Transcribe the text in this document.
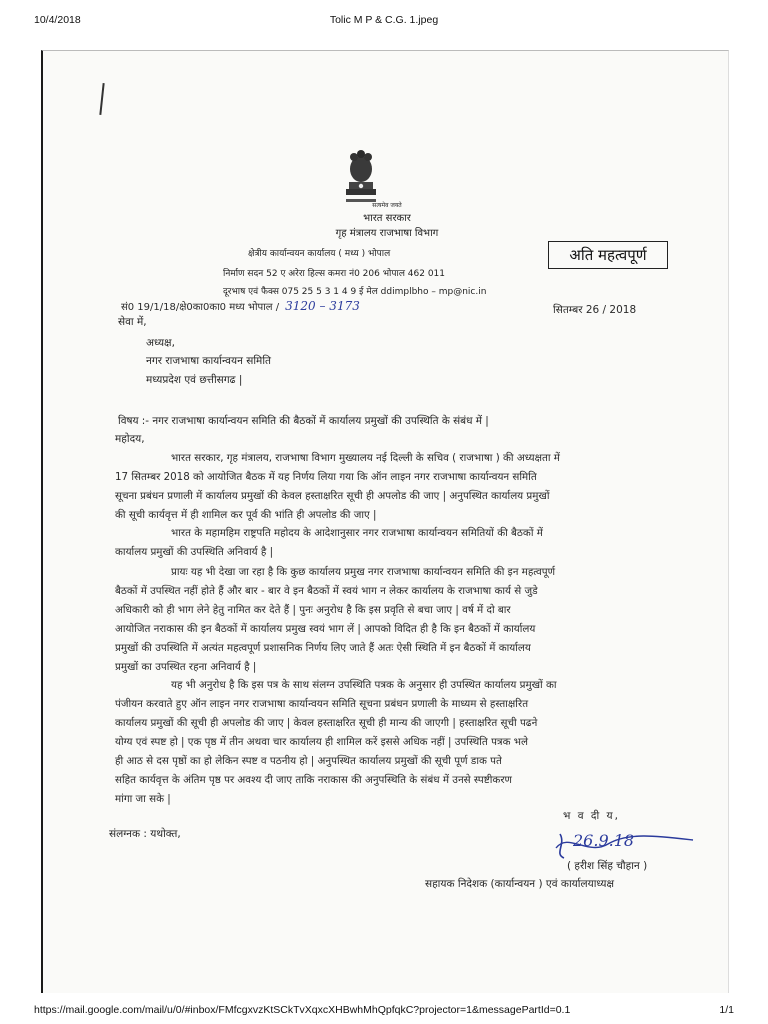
10/4/2018	Tolic M P & C.G. 1.jpeg
सत्यमेव जयते
भारत सरकार
गृह मंत्रालय राजभाषा विभाग
क्षेत्रीय कार्यान्वयन कार्यालय ( मध्य ) भोपाल
निर्माण सदन 52 ए अरेरा हिल्स कमरा नं0 206 भोपाल 462 011
दूरभाष एवं फैक्स 075 25 5 3 1 4 9 ई मेल ddimplbho – mp@nic.in
अति महत्वपूर्ण
सं0 19/1/18/क्षे0का0का0 मध्य भोपाल / 3120 – 3173	सितम्बर 26 / 2018
सेवा में,
अध्यक्ष,
नगर राजभाषा कार्यान्वयन समिति
मध्यप्रदेश एवं छत्तीसगढ |
विषय :- नगर राजभाषा कार्यान्वयन समिति की बैठकों में कार्यालय प्रमुखों की उपस्थिति के संबंध में |
महोदय,
भारत सरकार, गृह मंत्रालय, राजभाषा विभाग मुख्यालय नई दिल्ली के सचिव ( राजभाषा ) की अध्यक्षता में
17 सितम्बर 2018 को आयोजित बैठक में यह निर्णय लिया गया कि ऑन लाइन नगर राजभाषा कार्यान्वयन समिति
सूचना प्रबंधन प्रणाली में कार्यालय प्रमुखों की केवल हस्ताक्षरित सूची ही अपलोड की जाए | अनुपस्थित कार्यालय प्रमुखों
की सूची कार्यवृत्त में ही शामिल कर पूर्व की भांति ही अपलोड की जाए |
भारत के महामहिम राष्ट्रपति महोदय के आदेशानुसार नगर राजभाषा कार्यान्वयन समितियों की बैठकों में
कार्यालय प्रमुखों की उपस्थिति अनिवार्य है |
प्रायः यह भी देखा जा रहा है कि कुछ कार्यालय प्रमुख नगर राजभाषा कार्यान्वयन समिति की इन महत्वपूर्ण
बैठकों में उपस्थित नहीं होते हैं और बार - बार वे इन बैठकों में स्वयं भाग न लेकर कार्यालय के राजभाषा कार्य से जुडे
अधिकारी को ही भाग लेने हेतु नामित कर देते हैं | पुनः अनुरोध है कि इस प्रवृति से बचा जाए | वर्ष में दो बार
आयोजित नराकास की इन बैठकों में कार्यालय प्रमुख स्वयं भाग लें | आपको विदित ही है कि इन बैठकों में कार्यालय
प्रमुखों की उपस्थिति में अत्यंत महत्वपूर्ण प्रशासनिक निर्णय लिए जाते हैं अतः ऐसी स्थिति में इन बैठकों में कार्यालय
प्रमुखों का उपस्थित रहना अनिवार्य है |
यह भी अनुरोध है कि इस पत्र के साथ संलग्न उपस्थिति पत्रक के अनुसार ही उपस्थित कार्यालय प्रमुखों का
पंजीयन करवाते हुए ऑन लाइन नगर राजभाषा कार्यान्वयन समिति सूचना प्रबंधन प्रणाली के माध्यम से हस्ताक्षरित
कार्यालय प्रमुखों की सूची ही अपलोड की जाए | केवल हस्ताक्षरित सूची ही मान्य की जाएगी | हस्ताक्षरित सूची पढने
योग्य एवं स्पष्ट हो | एक पृष्ठ में तीन अथवा चार कार्यालय ही शामिल करें इससे अधिक नहीं | उपस्थिति पत्रक भले
ही आठ से दस पृष्ठों का हो लेकिन स्पष्ट व पठनीय हो | अनुपस्थित कार्यालय प्रमुखों की सूची पूर्ण डाक पते
सहित कार्यवृत्त के अंतिम पृष्ठ पर अवश्य दी जाए ताकि नराकास की अनुपस्थिति के संबंध में उनसे स्पष्टीकरण
मांगा जा सके |
भ व दी य,
संलग्नक : यथोक्त,	26.9.18
( हरीश सिंह चौहान )
सहायक निदेशक (कार्यान्वयन ) एवं कार्यालयाध्यक्ष
https://mail.google.com/mail/u/0/#inbox/FMfcgxvzKtSCkTvXqxcXHBwhMhQpfqkC?projector=1&messagePartId=0.1	1/1
